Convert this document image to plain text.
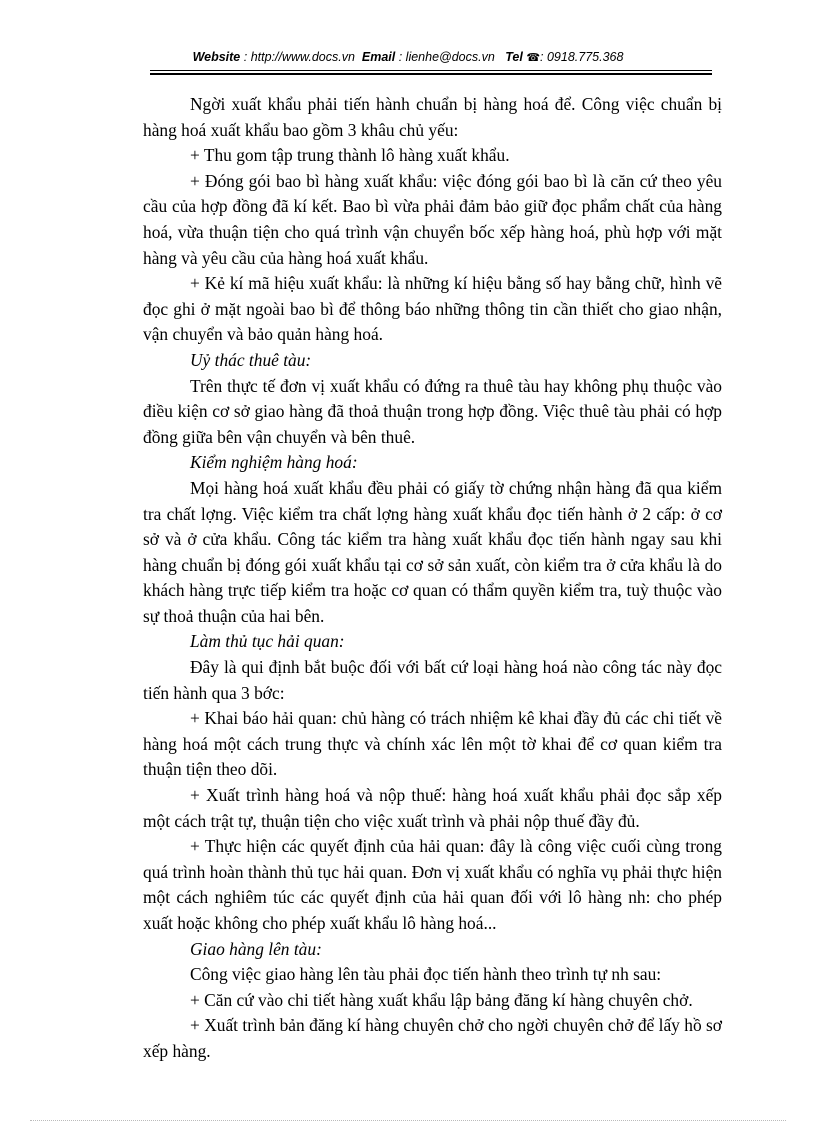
Website : http://www.docs.vn Email : lienhe@docs.vn Tel ☎: 0918.775.368

Ngời xuất khẩu phải tiến hành chuẩn bị hàng hoá để. Công việc chuẩn bị hàng hoá xuất khẩu bao gồm 3 khâu chủ yếu:

+ Thu gom tập trung thành lô hàng xuất khẩu.

+ Đóng gói bao bì hàng xuất khẩu: việc đóng gói bao bì là căn cứ theo yêu cầu của hợp đồng đã kí kết. Bao bì vừa phải đảm bảo giữ đọc phẩm chất của hàng hoá, vừa thuận tiện cho quá trình vận chuyển bốc xếp hàng hoá, phù hợp với mặt hàng và yêu cầu của hàng hoá xuất khẩu.

+ Kẻ kí mã hiệu xuất khẩu: là những kí hiệu bằng số hay bằng chữ, hình vẽ đọc ghi ở mặt ngoài bao bì để thông báo những thông tin cần thiết cho giao nhận, vận chuyển và bảo quản hàng hoá.

Uỷ thác thuê tàu:

Trên thực tế đơn vị xuất khẩu có đứng ra thuê tàu hay không phụ thuộc vào điều kiện cơ sở giao hàng đã thoả thuận trong hợp đồng. Việc thuê tàu phải có hợp đồng giữa bên vận chuyển và bên thuê.

Kiểm nghiệm hàng hoá:

Mọi hàng hoá xuất khẩu đều phải có giấy tờ chứng nhận hàng đã qua kiểm tra chất lợng. Việc kiểm tra chất lợng hàng xuất khẩu đọc tiến hành ở 2 cấp: ở cơ sở và ở cửa khẩu. Công tác kiểm tra hàng xuất khẩu đọc tiến hành ngay sau khi hàng chuẩn bị đóng gói xuất khẩu tại cơ sở sản xuất, còn kiểm tra ở cửa khẩu là do khách hàng trực tiếp kiểm tra hoặc cơ quan có thẩm quyền kiểm tra, tuỳ thuộc vào sự thoả thuận của hai bên.

Làm thủ tục hải quan:

Đây là qui định bắt buộc đối với bất cứ loại hàng hoá nào công tác này đọc tiến hành qua 3 bớc:

+ Khai báo hải quan: chủ hàng có trách nhiệm kê khai đầy đủ các chi tiết về hàng hoá một cách trung thực và chính xác lên một tờ khai để cơ quan kiểm tra thuận tiện theo dõi.

+ Xuất trình hàng hoá và nộp thuế: hàng hoá xuất khẩu phải đọc sắp xếp một cách trật tự, thuận tiện cho việc xuất trình và phải nộp thuế đầy đủ.

+ Thực hiện các quyết định của hải quan: đây là công việc cuối cùng trong quá trình hoàn thành thủ tục hải quan. Đơn vị xuất khẩu có nghĩa vụ phải thực hiện một cách nghiêm túc các quyết định của hải quan đối với lô hàng nh: cho phép xuất hoặc không cho phép xuất khẩu lô hàng hoá...

Giao hàng lên tàu:

Công việc giao hàng lên tàu phải đọc tiến hành theo trình tự nh sau:

+ Căn cứ vào chi tiết hàng xuất khẩu lập bảng đăng kí hàng chuyên chở.

+ Xuất trình bản đăng kí hàng chuyên chở cho ngời chuyên chở để lấy hồ sơ xếp hàng.
